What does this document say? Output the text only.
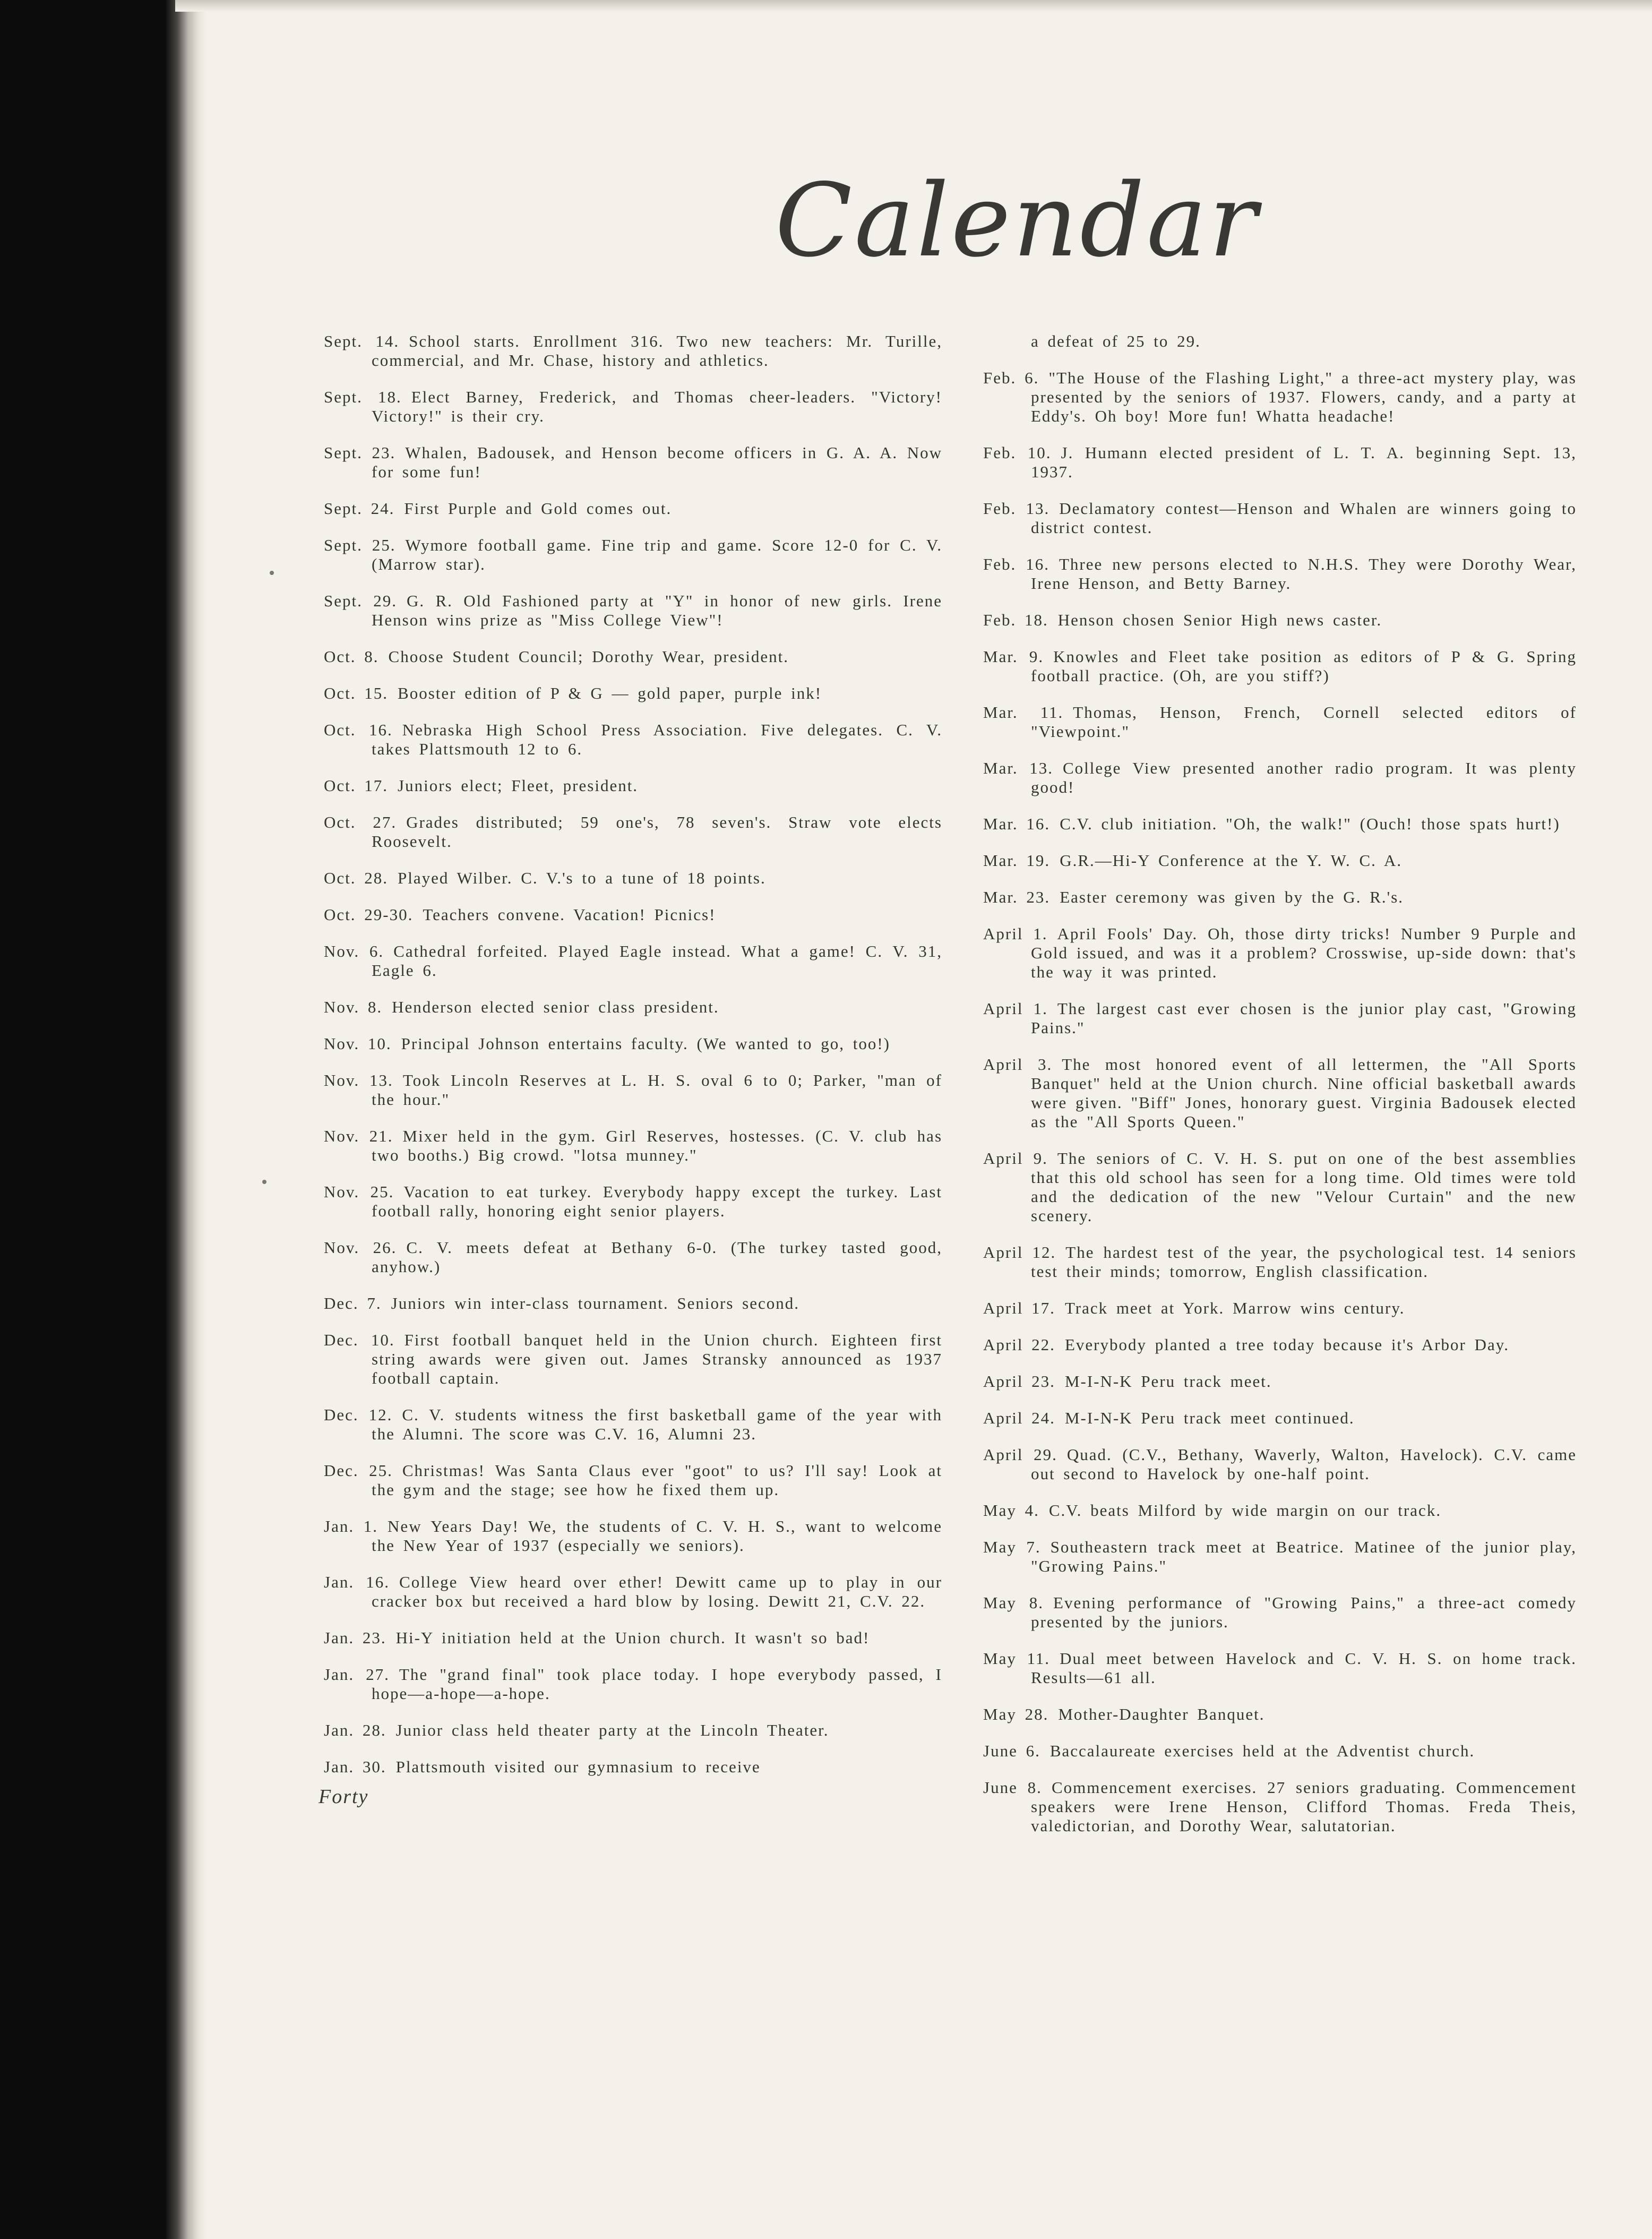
Calendar

Sept. 14. School starts. Enrollment 316. Two new teachers: Mr. Turille, commercial, and Mr. Chase, history and athletics.

Sept. 18. Elect Barney, Frederick, and Thomas cheer-leaders. "Victory! Victory!" is their cry.

Sept. 23. Whalen, Badousek, and Henson become officers in G. A. A. Now for some fun!

Sept. 24. First Purple and Gold comes out.

Sept. 25. Wymore football game. Fine trip and game. Score 12-0 for C. V. (Marrow star).

Sept. 29. G. R. Old Fashioned party at "Y" in honor of new girls. Irene Henson wins prize as "Miss College View"!

Oct. 8. Choose Student Council; Dorothy Wear, president.

Oct. 15. Booster edition of P & G — gold paper, purple ink!

Oct. 16. Nebraska High School Press Association. Five delegates. C. V. takes Plattsmouth 12 to 6.

Oct. 17. Juniors elect; Fleet, president.

Oct. 27. Grades distributed; 59 one's, 78 seven's. Straw vote elects Roosevelt.

Oct. 28. Played Wilber. C. V.'s to a tune of 18 points.

Oct. 29-30. Teachers convene. Vacation! Picnics!

Nov. 6. Cathedral forfeited. Played Eagle instead. What a game! C. V. 31, Eagle 6.

Nov. 8. Henderson elected senior class president.

Nov. 10. Principal Johnson entertains faculty. (We wanted to go, too!)

Nov. 13. Took Lincoln Reserves at L. H. S. oval 6 to 0; Parker, "man of the hour."

Nov. 21. Mixer held in the gym. Girl Reserves, hostesses. (C. V. club has two booths.) Big crowd. "lotsa munney."

Nov. 25. Vacation to eat turkey. Everybody happy except the turkey. Last football rally, honoring eight senior players.

Nov. 26. C. V. meets defeat at Bethany 6-0. (The turkey tasted good, anyhow.)

Dec. 7. Juniors win inter-class tournament. Seniors second.

Dec. 10. First football banquet held in the Union church. Eighteen first string awards were given out. James Stransky announced as 1937 football captain.

Dec. 12. C. V. students witness the first basketball game of the year with the Alumni. The score was C.V. 16, Alumni 23.

Dec. 25. Christmas! Was Santa Claus ever "goot" to us? I'll say! Look at the gym and the stage; see how he fixed them up.

Jan. 1. New Years Day! We, the students of C. V. H. S., want to welcome the New Year of 1937 (especially we seniors).

Jan. 16. College View heard over ether! Dewitt came up to play in our cracker box but received a hard blow by losing. Dewitt 21, C.V. 22.

Jan. 23. Hi-Y initiation held at the Union church. It wasn't so bad!

Jan. 27. The "grand final" took place today. I hope everybody passed, I hope—a-hope—a-hope.

Jan. 28. Junior class held theater party at the Lincoln Theater.

Jan. 30. Plattsmouth visited our gymnasium to receive

a defeat of 25 to 29.

Feb. 6. "The House of the Flashing Light," a three-act mystery play, was presented by the seniors of 1937. Flowers, candy, and a party at Eddy's. Oh boy! More fun! Whatta headache!

Feb. 10. J. Humann elected president of L. T. A. beginning Sept. 13, 1937.

Feb. 13. Declamatory contest—Henson and Whalen are winners going to district contest.

Feb. 16. Three new persons elected to N.H.S. They were Dorothy Wear, Irene Henson, and Betty Barney.

Feb. 18. Henson chosen Senior High news caster.

Mar. 9. Knowles and Fleet take position as editors of P & G. Spring football practice. (Oh, are you stiff?)

Mar. 11. Thomas, Henson, French, Cornell selected editors of "Viewpoint."

Mar. 13. College View presented another radio program. It was plenty good!

Mar. 16. C.V. club initiation. "Oh, the walk!" (Ouch! those spats hurt!)

Mar. 19. G.R.—Hi-Y Conference at the Y. W. C. A.

Mar. 23. Easter ceremony was given by the G. R.'s.

April 1. April Fools' Day. Oh, those dirty tricks! Number 9 Purple and Gold issued, and was it a problem? Crosswise, up-side down: that's the way it was printed.

April 1. The largest cast ever chosen is the junior play cast, "Growing Pains."

April 3. The most honored event of all lettermen, the "All Sports Banquet" held at the Union church. Nine official basketball awards were given. "Biff" Jones, honorary guest. Virginia Badousek elected as the "All Sports Queen."

April 9. The seniors of C. V. H. S. put on one of the best assemblies that this old school has seen for a long time. Old times were told and the dedication of the new "Velour Curtain" and the new scenery.

April 12. The hardest test of the year, the psychological test. 14 seniors test their minds; tomorrow, English classification.

April 17. Track meet at York. Marrow wins century.

April 22. Everybody planted a tree today because it's Arbor Day.

April 23. M-I-N-K Peru track meet.

April 24. M-I-N-K Peru track meet continued.

April 29. Quad. (C.V., Bethany, Waverly, Walton, Havelock). C.V. came out second to Havelock by one-half point.

May 4. C.V. beats Milford by wide margin on our track.

May 7. Southeastern track meet at Beatrice. Matinee of the junior play, "Growing Pains."

May 8. Evening performance of "Growing Pains," a three-act comedy presented by the juniors.

May 11. Dual meet between Havelock and C. V. H. S. on home track. Results—61 all.

May 28. Mother-Daughter Banquet.

June 6. Baccalaureate exercises held at the Adventist church.

June 8. Commencement exercises. 27 seniors graduating. Commencement speakers were Irene Henson, Clifford Thomas. Freda Theis, valedictorian, and Dorothy Wear, salutatorian.

Forty
